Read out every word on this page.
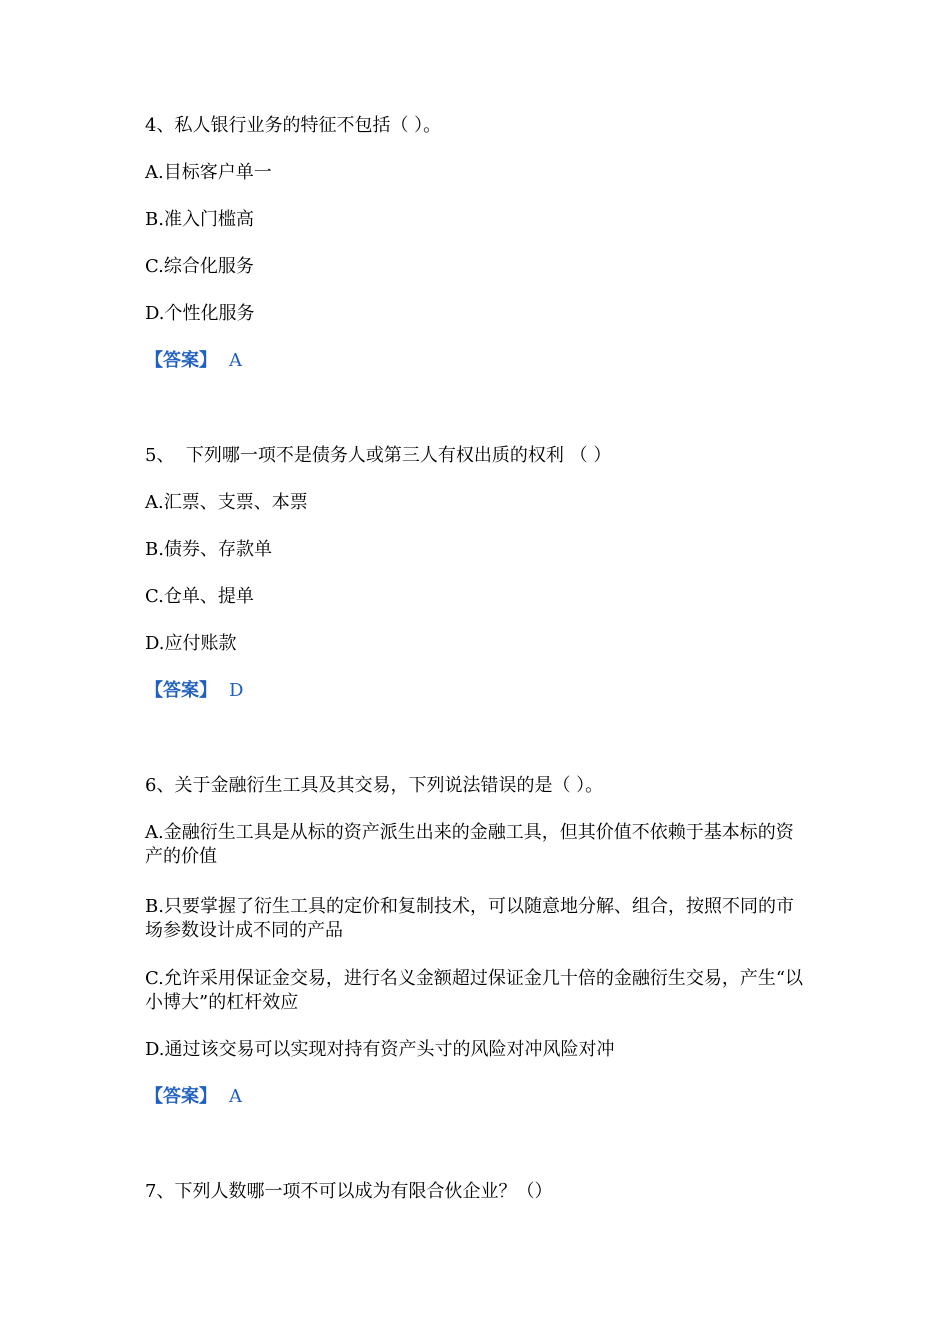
4、私人银行业务的特征不包括（ ）。
A.目标客户单一
B.准入门槛高
C.综合化服务
D.个性化服务
【答案】 A
5、  下列哪一项不是债务人或第三人有权出质的权利 （ ）
A.汇票、支票、本票
B.债券、存款单
C.仓单、提单
D.应付账款
【答案】 D
6、关于金融衍生工具及其交易，下列说法错误的是（ ）。
A.金融衍生工具是从标的资产派生出来的金融工具，但其价值不依赖于基本标的资产的价值
B.只要掌握了衍生工具的定价和复制技术，可以随意地分解、组合，按照不同的市场参数设计成不同的产品
C.允许采用保证金交易，进行名义金额超过保证金几十倍的金融衍生交易，产生“以小博大”的杠杆效应
D.通过该交易可以实现对持有资产头寸的风险对冲风险对冲
【答案】 A
7、下列人数哪一项不可以成为有限合伙企业？（）
